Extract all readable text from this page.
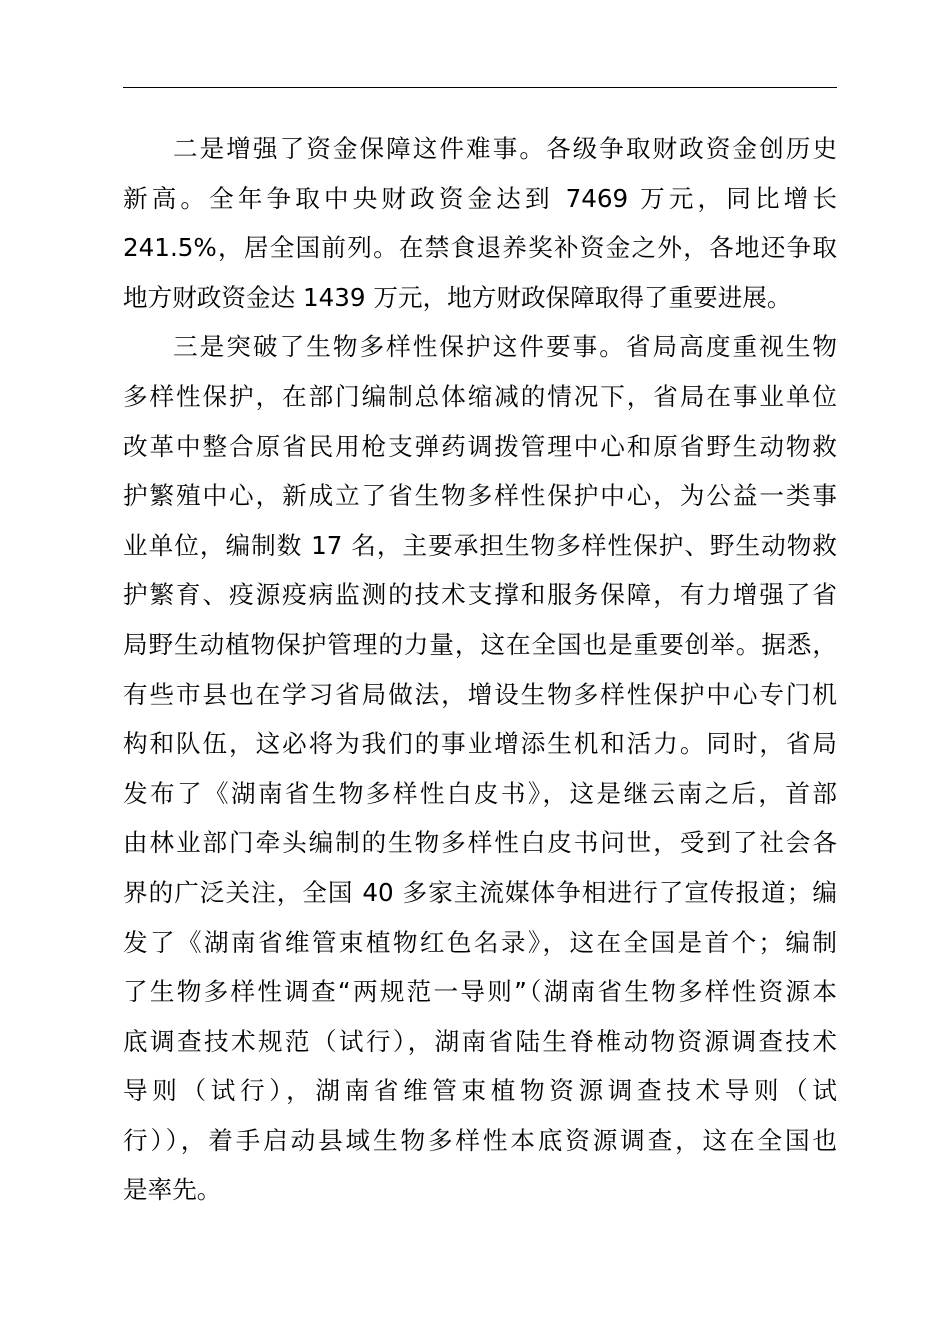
二是增强了资金保障这件难事。各级争取财政资金创历史
新高。全年争取中央财政资金达到 7469 万元，同比增长
241.5%，居全国前列。在禁食退养奖补资金之外，各地还争取
地方财政资金达 1439 万元，地方财政保障取得了重要进展。
三是突破了生物多样性保护这件要事。省局高度重视生物
多样性保护，在部门编制总体缩减的情况下，省局在事业单位
改革中整合原省民用枪支弹药调拨管理中心和原省野生动物救
护繁殖中心，新成立了省生物多样性保护中心，为公益一类事
业单位，编制数 17 名，主要承担生物多样性保护、野生动物救
护繁育、疫源疫病监测的技术支撑和服务保障，有力增强了省
局野生动植物保护管理的力量，这在全国也是重要创举。据悉，
有些市县也在学习省局做法，增设生物多样性保护中心专门机
构和队伍，这必将为我们的事业增添生机和活力。同时，省局
发布了《湖南省生物多样性白皮书》，这是继云南之后，首部
由林业部门牵头编制的生物多样性白皮书问世，受到了社会各
界的广泛关注，全国 40 多家主流媒体争相进行了宣传报道；编
发了《湖南省维管束植物红色名录》，这在全国是首个；编制
了生物多样性调查“两规范一导则”（湖南省生物多样性资源本
底调查技术规范（试行），湖南省陆生脊椎动物资源调查技术
导则（试行），湖南省维管束植物资源调查技术导则（试
行）），着手启动县域生物多样性本底资源调查，这在全国也
是率先。
